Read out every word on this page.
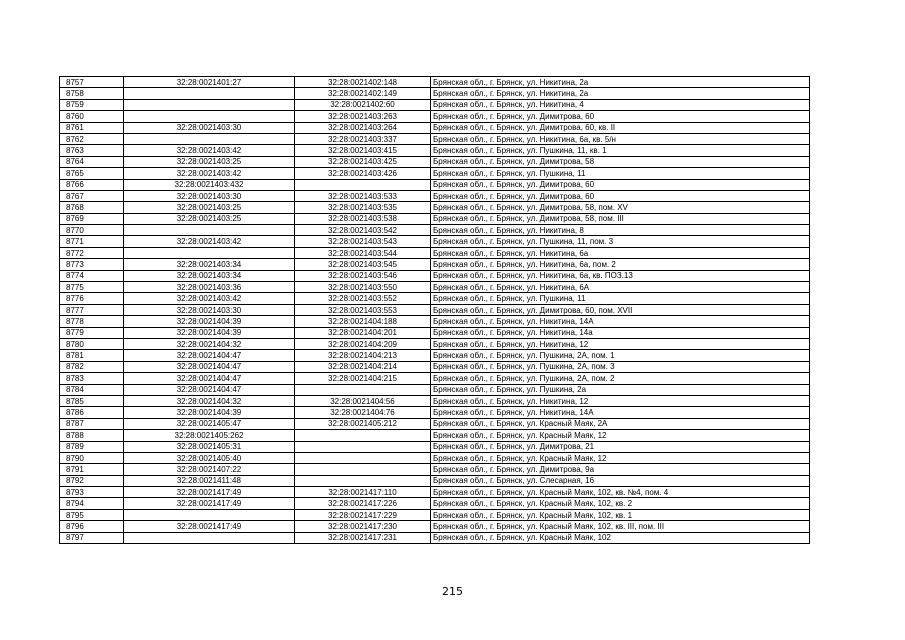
8757	32:28:0021401:27	32:28:0021402:148	Брянская обл., г. Брянск, ул. Никитина, 2а
8758		32:28:0021402:149	Брянская обл., г. Брянск, ул. Никитина, 2а
8759		32:28:0021402:60	Брянская обл., г. Брянск, ул. Никитина, 4
8760		32:28:0021403:263	Брянская обл., г. Брянск, ул. Димитрова, 60
8761	32:28:0021403:30	32:28:0021403:264	Брянская обл., г. Брянск, ул. Димитрова, 60, кв. II
8762		32:28:0021403:337	Брянская обл., г. Брянск, ул. Никитина, 6а, кв. 5/н
8763	32:28:0021403:42	32:28:0021403:415	Брянская обл., г. Брянск, ул. Пушкина, 11, кв. 1
8764	32:28:0021403:25	32:28:0021403:425	Брянская обл., г. Брянск, ул. Димитрова, 58
8765	32:28:0021403:42	32:28:0021403:426	Брянская обл., г. Брянск, ул. Пушкина, 11
8766	32:28:0021403:432		Брянская обл., г. Брянск, ул. Димитрова, 60
8767	32:28:0021403:30	32:28:0021403:533	Брянская обл., г. Брянск, ул. Димитрова, 60
8768	32:28:0021403:25	32:28:0021403:535	Брянская обл., г. Брянск, ул. Димитрова, 58, пом. XV
8769	32:28:0021403:25	32:28:0021403:538	Брянская обл., г. Брянск, ул. Димитрова, 58, пом. III
8770		32:28:0021403:542	Брянская обл., г. Брянск, ул. Никитина, 8
8771	32:28:0021403:42	32:28:0021403:543	Брянская обл., г. Брянск, ул. Пушкина, 11, пом. 3
8772		32:28:0021403:544	Брянская обл., г. Брянск, ул. Никитина, 6а
8773	32:28:0021403:34	32:28:0021403:545	Брянская обл., г. Брянск, ул. Никитина, 6а, пом. 2
8774	32:28:0021403:34	32:28:0021403:546	Брянская обл., г. Брянск, ул. Никитина, 6а, кв. ПОЗ.13
8775	32:28:0021403:36	32:28:0021403:550	Брянская обл., г. Брянск, ул. Никитина, 6А
8776	32:28:0021403:42	32:28:0021403:552	Брянская обл., г. Брянск, ул. Пушкина, 11
8777	32:28:0021403:30	32:28:0021403:553	Брянская обл., г. Брянск, ул. Димитрова, 60, пом. XVII
8778	32:28:0021404:39	32:28:0021404:188	Брянская обл., г. Брянск, ул. Никитина, 14А
8779	32:28:0021404:39	32:28:0021404:201	Брянская обл., г. Брянск, ул. Никитина, 14а
8780	32:28:0021404:32	32:28:0021404:209	Брянская обл., г. Брянск, ул. Никитина, 12
8781	32:28:0021404:47	32:28:0021404:213	Брянская обл., г. Брянск, ул. Пушкина, 2А, пом. 1
8782	32:28:0021404:47	32:28:0021404:214	Брянская обл., г. Брянск, ул. Пушкина, 2А, пом. 3
8783	32:28:0021404:47	32:28:0021404:215	Брянская обл., г. Брянск, ул. Пушкина, 2А, пом. 2
8784	32:28:0021404:47		Брянская обл., г. Брянск, ул. Пушкина, 2а
8785	32:28:0021404:32	32:28:0021404:56	Брянская обл., г. Брянск, ул. Никитина, 12
8786	32:28:0021404:39	32:28:0021404:76	Брянская обл., г. Брянск, ул. Никитина, 14А
8787	32:28:0021405:47	32:28:0021405:212	Брянская обл., г. Брянск, ул. Красный Маяк, 2А
8788	32:28:0021405:262		Брянская обл., г. Брянск, ул. Красный Маяк, 12
8789	32:28:0021405:31		Брянская обл., г. Брянск, ул. Димитрова, 21
8790	32:28:0021405:40		Брянская обл., г. Брянск, ул. Красный Маяк, 12
8791	32:28:0021407:22		Брянская обл., г. Брянск, ул. Димитрова, 9а
8792	32:28:0021411:48		Брянская обл., г. Брянск, ул. Слесарная, 16
8793	32:28:0021417:49	32:28:0021417:110	Брянская обл., г. Брянск, ул. Красный Маяк, 102, кв. №4, пом. 4
8794	32:28:0021417:49	32:28:0021417:226	Брянская обл., г. Брянск, ул. Красный Маяк, 102, кв. 2
8795		32:28:0021417:229	Брянская обл., г. Брянск, ул. Красный Маяк, 102, кв. 1
8796	32:28:0021417:49	32:28:0021417:230	Брянская обл., г. Брянск, ул. Красный Маяк, 102, кв. III, пом. III
8797		32:28:0021417:231	Брянская обл., г. Брянск, ул. Красный Маяк, 102
215
